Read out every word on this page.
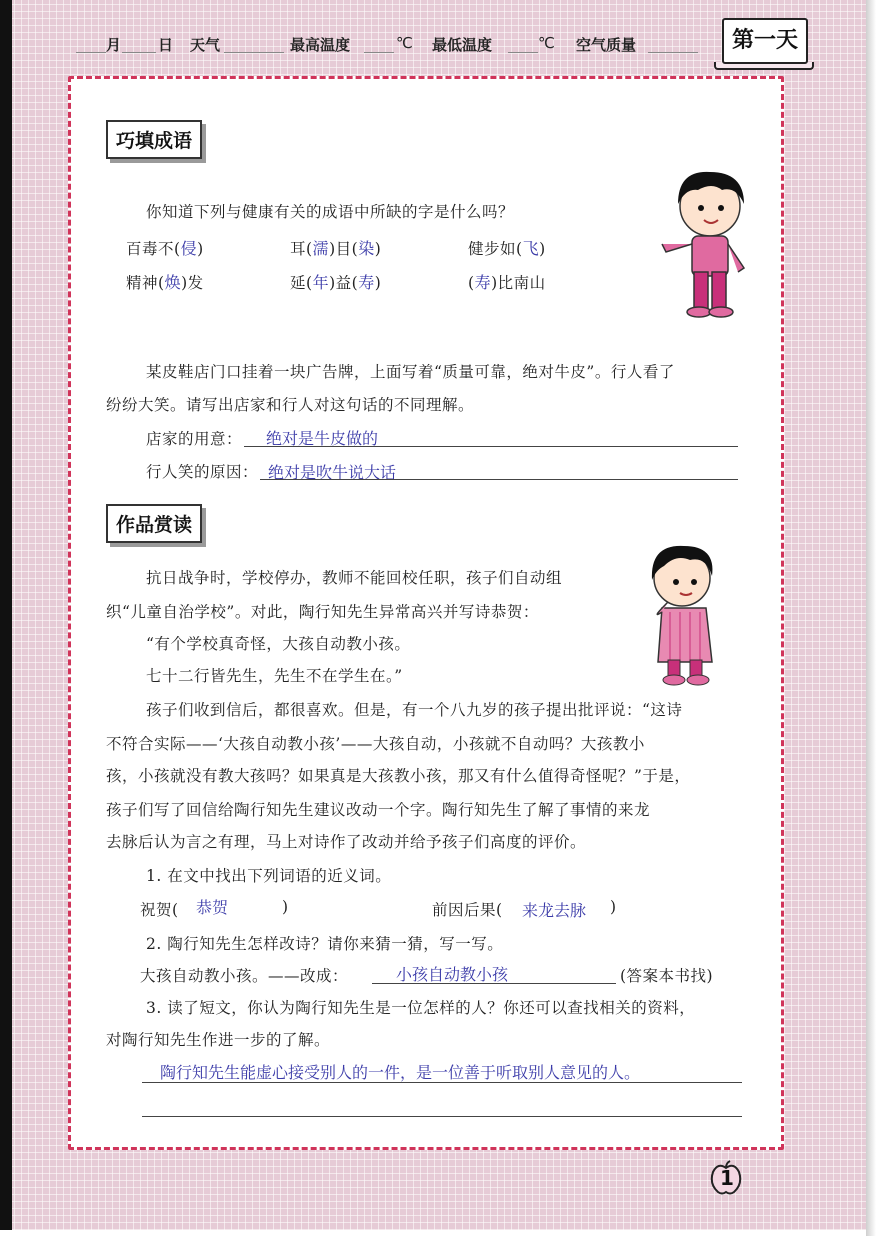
月 日 天气	最高温度	℃ 最低温度	℃ 空气质量	第一天
巧填成语
你知道下列与健康有关的成语中所缺的字是什么吗？
百毒不(侵)	耳(濡)目(染)	健步如(飞)
精神(焕)发	延(年)益(寿)	(寿)比南山
某皮鞋店门口挂着一块广告牌，上面写着“质量可靠，绝对牛皮”。行人看了
纷纷大笑。请写出店家和行人对这句话的不同理解。
店家的用意： 绝对是牛皮做的
行人笑的原因： 绝对是吹牛说大话
作品赏读
抗日战争时，学校停办，教师不能回校任职，孩子们自动组
织“儿童自治学校”。对此，陶行知先生异常高兴并写诗恭贺：
“有个学校真奇怪，大孩自动教小孩。
七十二行皆先生，先生不在学生在。”
孩子们收到信后，都很喜欢。但是，有一个八九岁的孩子提出批评说：“这诗
不符合实际——‘大孩自动教小孩’——大孩自动，小孩就不自动吗？大孩教小
孩，小孩就没有教大孩吗？如果真是大孩教小孩，那又有什么值得奇怪呢？”于是，
孩子们写了回信给陶行知先生建议改动一个字。陶行知先生了解了事情的来龙
去脉后认为言之有理，马上对诗作了改动并给予孩子们高度的评价。
1. 在文中找出下列词语的近义词。
祝贺( 恭贺	)	前因后果( 来龙去脉 )
2. 陶行知先生怎样改诗？请你来猜一猜，写一写。
大孩自动教小孩。——改成：	小孩自动教小孩	(答案本书找)
3. 读了短文，你认为陶行知先生是一位怎样的人？你还可以查找相关的资料，
对陶行知先生作进一步的了解。
陶行知先生能虚心接受别人的一件，是一位善于听取别人意见的人。
1
